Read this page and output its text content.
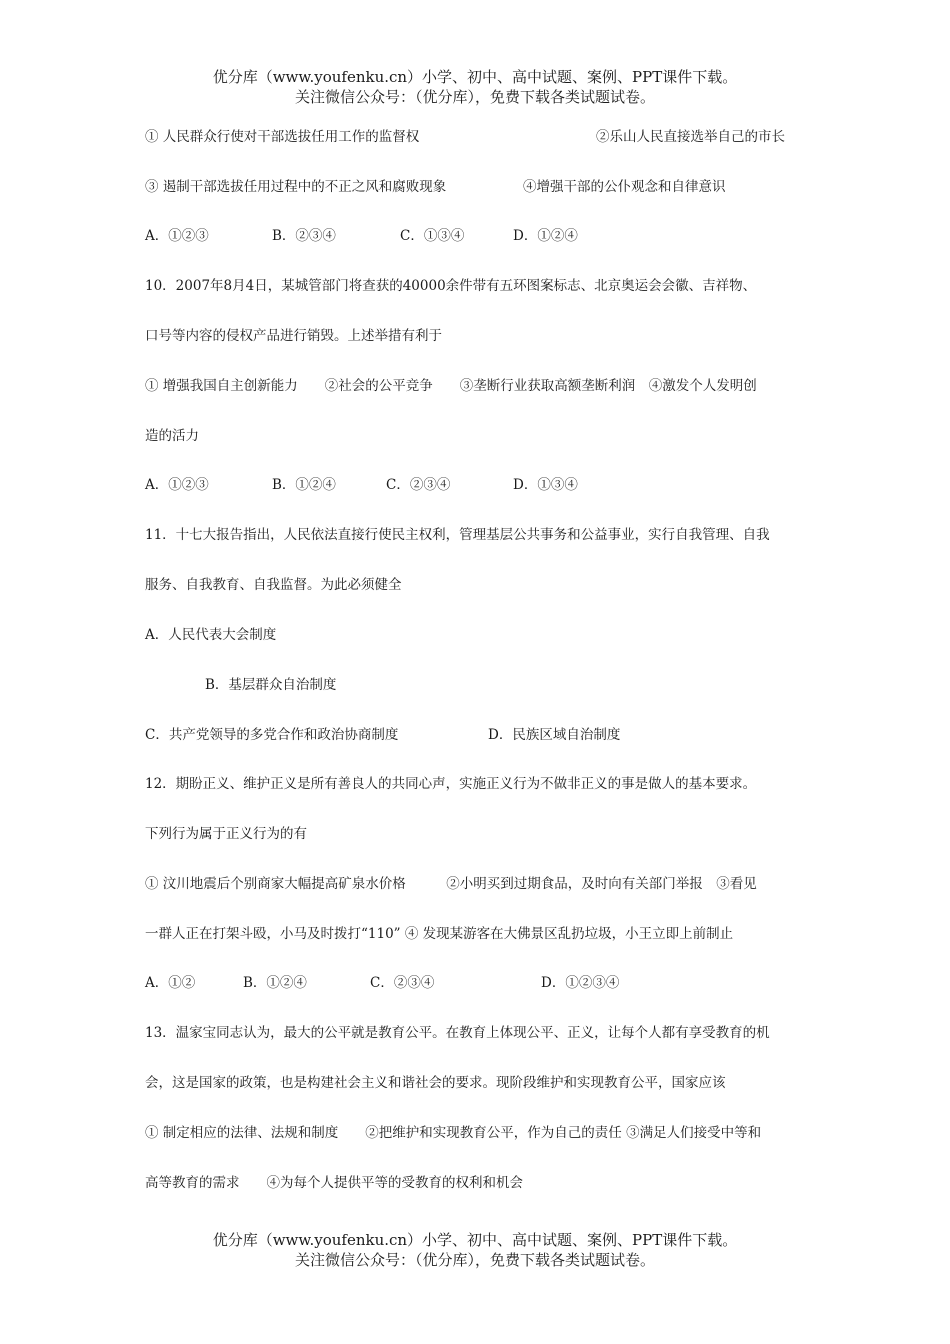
优分库（www.youfenku.cn）小学、初中、高中试题、案例、PPT课件下载。
关注微信公众号：（优分库），免费下载各类试题试卷。
① 人民群众行使对干部选拔任用工作的监督权	②乐山人民直接选举自己的市长
③ 遏制干部选拔任用过程中的不正之风和腐败现象	④增强干部的公仆观念和自律意识
A．①②③	B．②③④	C．①③④	D．①②④
10．2007年8月4日，某城管部门将查获的40000余件带有五环图案标志、北京奥运会会徽、吉祥物、
口号等内容的侵权产品进行销毁。上述举措有利于
① 增强我国自主创新能力　　②社会的公平竞争　　③垄断行业获取高额垄断利润　④激发个人发明创
造的活力
A．①②③	B．①②④	C．②③④	D．①③④
11．十七大报告指出，人民依法直接行使民主权利，管理基层公共事务和公益事业，实行自我管理、自我
服务、自我教育、自我监督。为此必须健全
A．人民代表大会制度
B．基层群众自治制度
C．共产党领导的多党合作和政治协商制度	D．民族区域自治制度
12．期盼正义、维护正义是所有善良人的共同心声，实施正义行为不做非正义的事是做人的基本要求。
下列行为属于正义行为的有
① 汶川地震后个别商家大幅提高矿泉水价格　　　②小明买到过期食品，及时向有关部门举报　③看见
一群人正在打架斗殴，小马及时拨打“110” ④ 发现某游客在大佛景区乱扔垃圾，小王立即上前制止
A．①②	B．①②④	C．②③④	D．①②③④
13．温家宝同志认为，最大的公平就是教育公平。在教育上体现公平、正义，让每个人都有享受教育的机
会，这是国家的政策，也是构建社会主义和谐社会的要求。现阶段维护和实现教育公平，国家应该
① 制定相应的法律、法规和制度　　②把维护和实现教育公平，作为自己的责任 ③满足人们接受中等和
高等教育的需求　　④为每个人提供平等的受教育的权利和机会
优分库（www.youfenku.cn）小学、初中、高中试题、案例、PPT课件下载。
关注微信公众号：（优分库），免费下载各类试题试卷。
